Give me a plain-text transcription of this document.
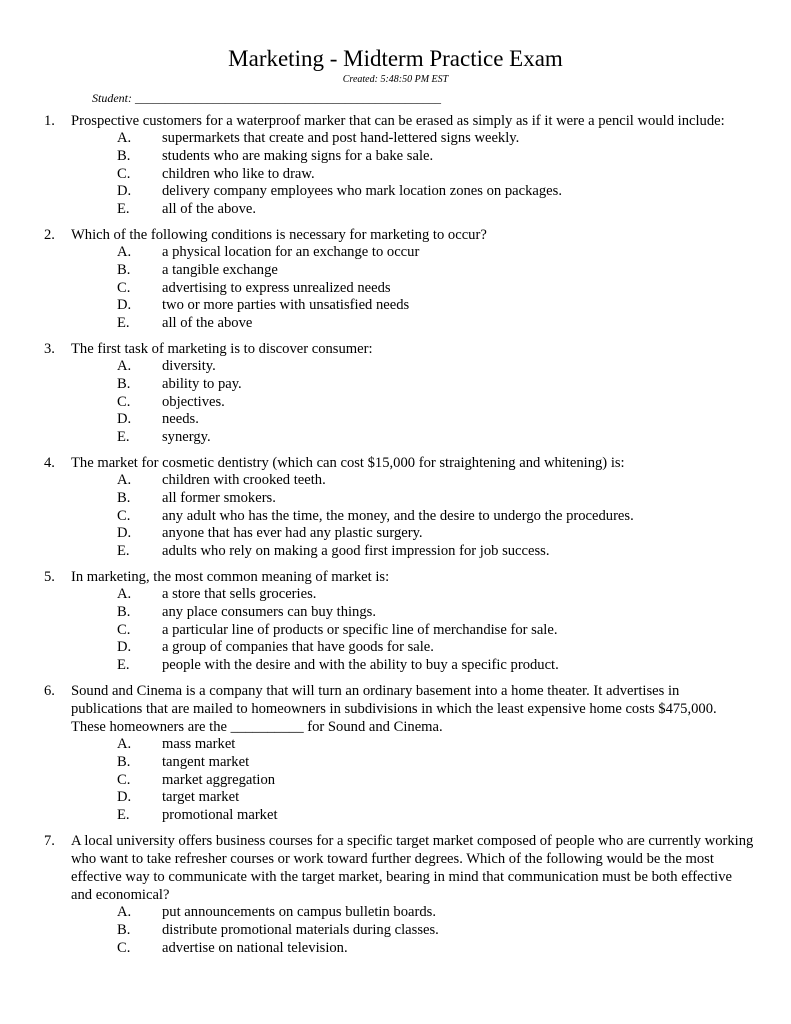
Marketing - Midterm Practice Exam
Created: 5:48:50 PM EST
Student: ___________________________________________________
1.	Prospective customers for a waterproof marker that can be erased as simply as if it were a pencil would include:
A.	supermarkets that create and post hand-lettered signs weekly.
B.	students who are making signs for a bake sale.
C.	children who like to draw.
D.	delivery company employees who mark location zones on packages.
E.	all of the above.
2.	Which of the following conditions is necessary for marketing to occur?
A.	a physical location for an exchange to occur
B.	a tangible exchange
C.	advertising to express unrealized needs
D.	two or more parties with unsatisfied needs
E.	all of the above
3.	The first task of marketing is to discover consumer:
A.	diversity.
B.	ability to pay.
C.	objectives.
D.	needs.
E.	synergy.
4.	The market for cosmetic dentistry (which can cost $15,000 for straightening and whitening) is:
A.	children with crooked teeth.
B.	all former smokers.
C.	any adult who has the time, the money, and the desire to undergo the procedures.
D.	anyone that has ever had any plastic surgery.
E.	adults who rely on making a good first impression for job success.
5.	In marketing, the most common meaning of market is:
A.	a store that sells groceries.
B.	any place consumers can buy things.
C.	a particular line of products or specific line of merchandise for sale.
D.	a group of companies that have goods for sale.
E.	people with the desire and with the ability to buy a specific product.
6.	Sound and Cinema is a company that will turn an ordinary basement into a home theater. It advertises in publications that are mailed to homeowners in subdivisions in which the least expensive home costs $475,000. These homeowners are the __________ for Sound and Cinema.
A.	mass market
B.	tangent market
C.	market aggregation
D.	target market
E.	promotional market
7.	A local university offers business courses for a specific target market composed of people who are currently working who want to take refresher courses or work toward further degrees. Which of the following would be the most effective way to communicate with the target market, bearing in mind that communication must be both effective and economical?
A.	put announcements on campus bulletin boards.
B.	distribute promotional materials during classes.
C.	advertise on national television.
